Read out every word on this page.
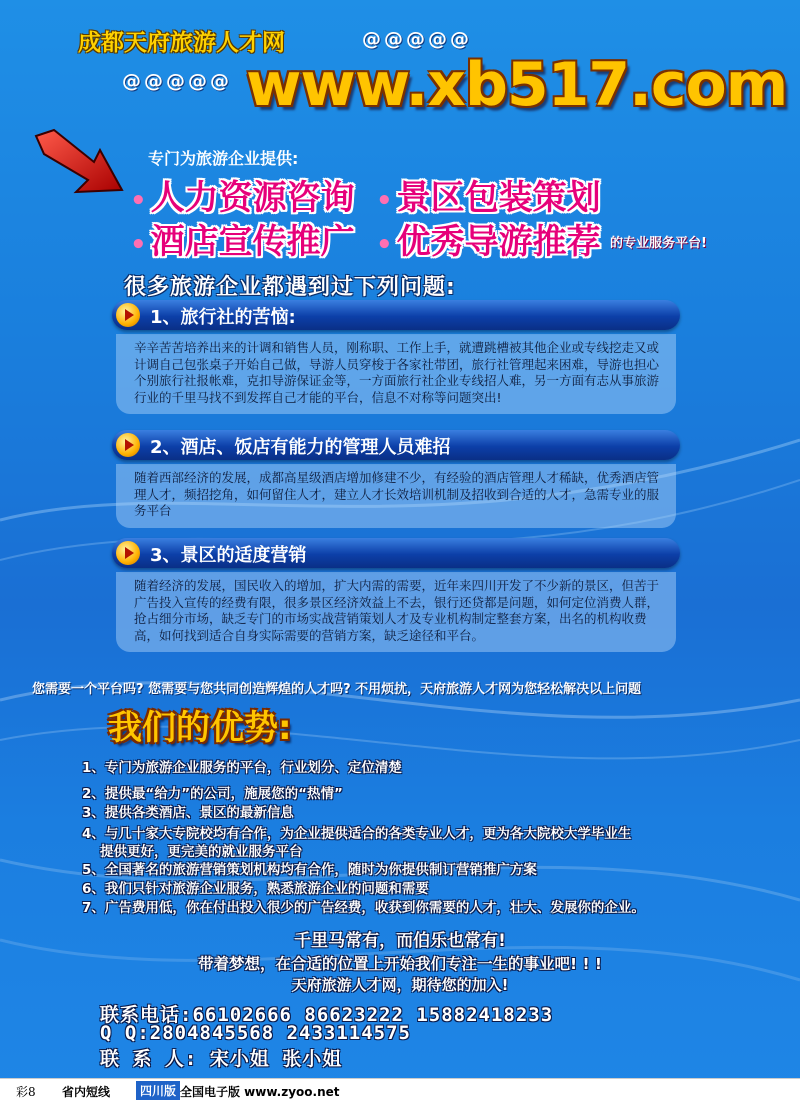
成都天府旅游人才网	@@@@@
@@@@@ www.xb517.com
专门为旅游企业提供:
• 人力资源咨询 • 景区包装策划
• 酒店宣传推广 • 优秀导游推荐 的专业服务平台!
很多旅游企业都遇到过下列问题:
1、旅行社的苦恼:
辛辛苦苦培养出来的计调和销售人员，刚称职、工作上手，就遭跳槽被其他企业或专线挖走又或计调自己包张桌子开始自己做，导游人员穿梭于各家社带团，旅行社管理起来困难，导游也担心个别旅行社报帐难，克扣导游保证金等，一方面旅行社企业专线招人难，另一方面有志从事旅游行业的千里马找不到发挥自己才能的平台，信息不对称等问题突出!
2、酒店、饭店有能力的管理人员难招
随着西部经济的发展，成都高星级酒店增加修建不少，有经验的酒店管理人才稀缺，优秀酒店管理人才，频招挖角，如何留住人才，建立人才长效培训机制及招收到合适的人才，急需专业的服务平台
3、景区的适度营销
随着经济的发展，国民收入的增加，扩大内需的需要，近年来四川开发了不少新的景区，但苦于广告投入宣传的经费有限，很多景区经济效益上不去，银行还贷都是问题，如何定位消费人群，抢占细分市场，缺乏专门的市场实战营销策划人才及专业机构制定整套方案，出名的机构收费高，如何找到适合自身实际需要的营销方案，缺乏途径和平台。
您需要一个平台吗? 您需要与您共同创造辉煌的人才吗? 不用烦扰，天府旅游人才网为您轻松解决以上问题
我们的优势:
1、专门为旅游企业服务的平台，行业划分、定位清楚
2、提供最“给力”的公司，施展您的“热情”
3、提供各类酒店、景区的最新信息
4、与几十家大专院校均有合作，为企业提供适合的各类专业人才，更为各大院校大学毕业生
提供更好，更完美的就业服务平台
5、全国著名的旅游营销策划机构均有合作，随时为你提供制订营销推广方案
6、我们只针对旅游企业服务，熟悉旅游企业的问题和需要
7、广告费用低，你在付出投入很少的广告经费，收获到你需要的人才，壮大、发展你的企业。
千里马常有，而伯乐也常有!
带着梦想，在合适的位置上开始我们专注一生的事业吧! ! !
天府旅游人才网，期待您的加入!
联系电话:66102666 86623222 15882418233
Q Q:2804845568 2433114575
联 系 人: 宋小姐 张小姐
彩8 省内短线	四川版 全国电子版 www.zyoo.net
